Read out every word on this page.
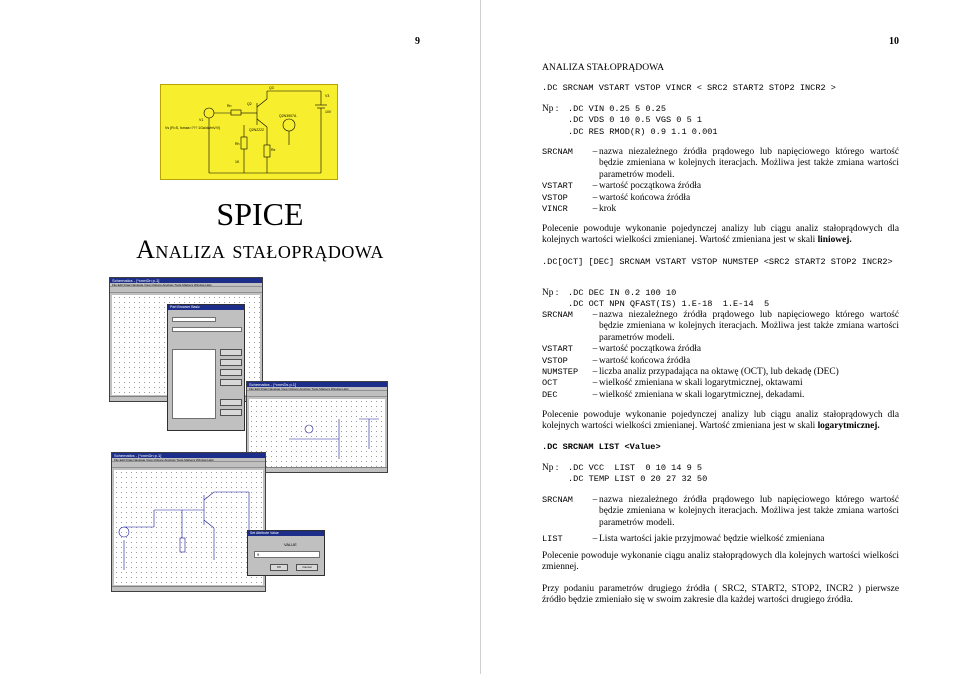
9
Vs (R=S, Ismax=??? 1Ga/dc/mV/V)
V1
Rn	Q2
Q3
Q2N3907A
Q2N2222
V3
10V
Rh
Re
1K
SPICE
Analiza stałoprądowa
Schematics - [*cnmDn p.1]
File Edit Draw Navigate View Options Analysis Tools Markers Window Help
Part Browser Basic
Schematics - [*cnmDs p.1]
File Edit Draw Navigate View Options Analysis Tools Markers Window Help
Schematics - [*cnmDn p.1]
File Edit Draw Navigate View Options Analysis Tools Markers Window Help
Set Attribute Value
VALUE
9
OK	Cancel
10
ANALIZA STAŁOPRĄDOWA
.DC SRCNAM VSTART VSTOP VINCR < SRC2 START2 STOP2 INCR2 >
Np :	.DC VIN 0.25 5 0.25
.DC VDS 0 10 0.5 VGS 0 5 1
.DC RES RMOD(R) 0.9 1.1 0.001
SRCNAM	– nazwa niezależnego źródła prądowego lub napięciowego którego wartość będzie zmieniana w kolejnych iteracjach. Możliwa jest także zmiana wartości parametrów modeli.
VSTART	– wartość początkowa źródła
VSTOP	– wartość końcowa źródła
VINCR	– krok
Polecenie powoduje wykonanie pojedynczej analizy lub ciągu analiz stałoprądowych dla kolejnych wartości wielkości zmienianej. Wartość zmieniana jest w skali liniowej.
.DC[OCT] [DEC] SRCNAM VSTART VSTOP NUMSTEP <SRC2 START2 STOP2 INCR2>
Np :	.DC DEC IN 0.2 100 10
.DC OCT NPN QFAST(IS) 1.E-18  1.E-14  5
SRCNAM	– nazwa niezależnego źródła prądowego lub napięciowego którego wartość będzie zmieniana w kolejnych iteracjach. Możliwa jest także zmiana wartości parametrów modeli.
VSTART	– wartość początkowa źródła
VSTOP	– wartość końcowa źródła
NUMSTEP	– liczba analiz przypadająca na oktawę (OCT), lub dekadę (DEC)
OCT	– wielkość zmieniana w skali logarytmicznej, oktawami
DEC	– wielkość zmieniana w skali logarytmicznej, dekadami.
Polecenie powoduje wykonanie pojedynczej analizy lub ciągu analiz stałoprądowych dla kolejnych wartości wielkości zmienianej. Wartość zmieniana jest w skali logarytmicznej.
.DC SRCNAM LIST <Value>
Np :	.DC VCC  LIST  0 10 14 9 5
.DC TEMP LIST 0 20 27 32 50
SRCNAM	– nazwa niezależnego źródła prądowego lub napięciowego którego wartość będzie zmieniana w kolejnych iteracjach. Możliwa jest także zmiana wartości parametrów modeli.
LIST	– Lista wartości jakie przyjmować będzie wielkość zmieniana
Polecenie powoduje wykonanie ciągu analiz stałoprądowych dla kolejnych wartości wielkości zmiennej.
Przy podaniu parametrów drugiego źródła ( SRC2, START2, STOP2, INCR2 ) pierwsze źródło będzie zmieniało się w swoim zakresie dla każdej wartości drugiego źródła.
